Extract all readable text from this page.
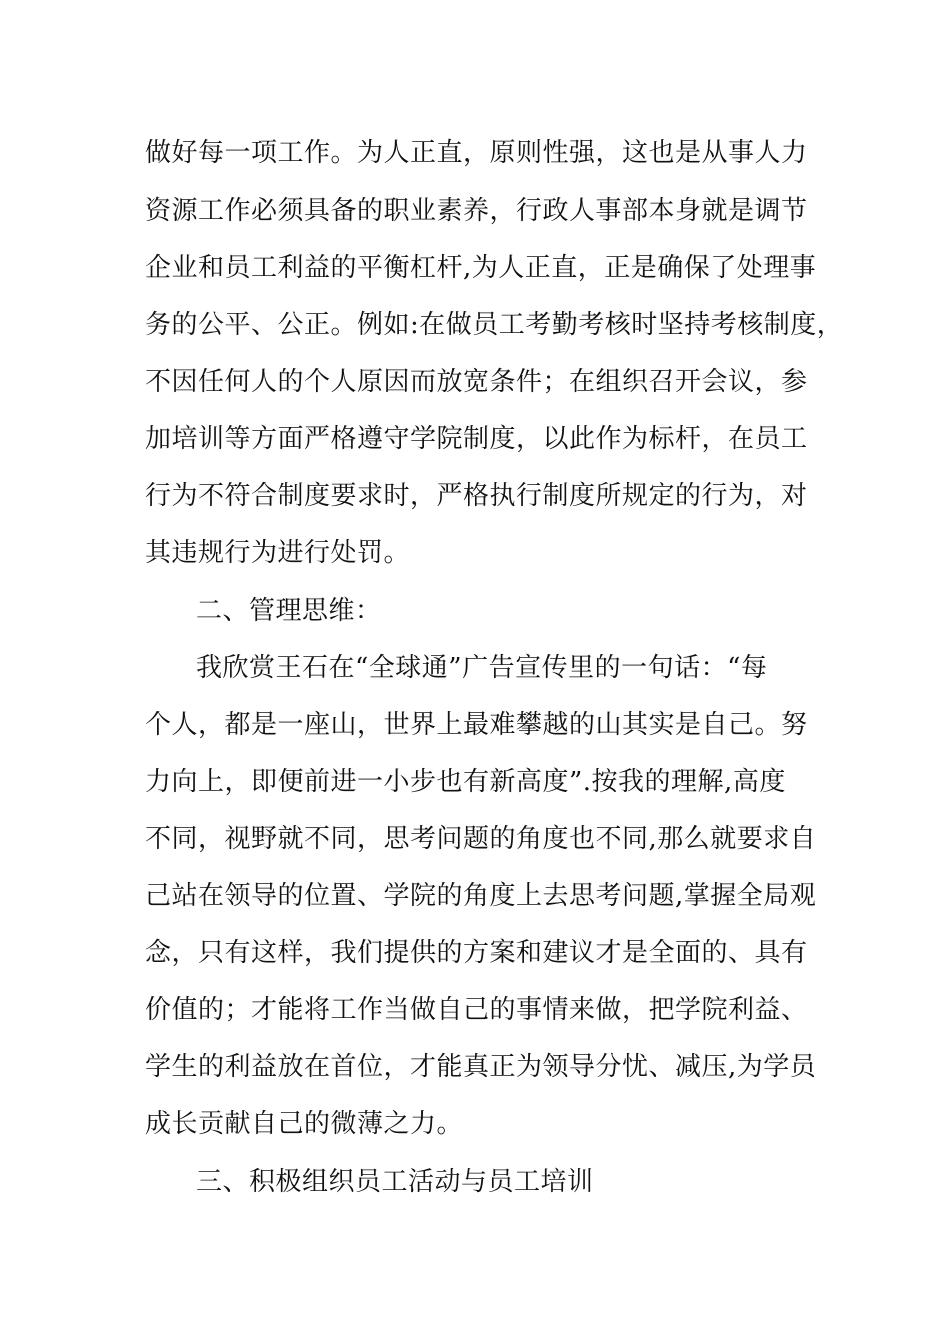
做好每一项工作。为人正直，原则性强，这也是从事人力
资源工作必须具备的职业素养，行政人事部本身就是调节
企业和员工利益的平衡杠杆,为人正直，正是确保了处理事
务的公平、公正。例如:在做员工考勤考核时坚持考核制度，
不因任何人的个人原因而放宽条件；在组织召开会议，参
加培训等方面严格遵守学院制度，以此作为标杆，在员工
行为不符合制度要求时，严格执行制度所规定的行为，对
其违规行为进行处罚。
二、管理思维：
我欣赏王石在“全球通”广告宣传里的一句话：“每
个人，都是一座山，世界上最难攀越的山其实是自己。努
力向上，即便前进一小步也有新高度”.按我的理解,高度
不同，视野就不同，思考问题的角度也不同,那么就要求自
己站在领导的位置、学院的角度上去思考问题,掌握全局观
念，只有这样，我们提供的方案和建议才是全面的、具有
价值的；才能将工作当做自己的事情来做，把学院利益、
学生的利益放在首位，才能真正为领导分忧、减压,为学员
成长贡献自己的微薄之力。
三、积极组织员工活动与员工培训
